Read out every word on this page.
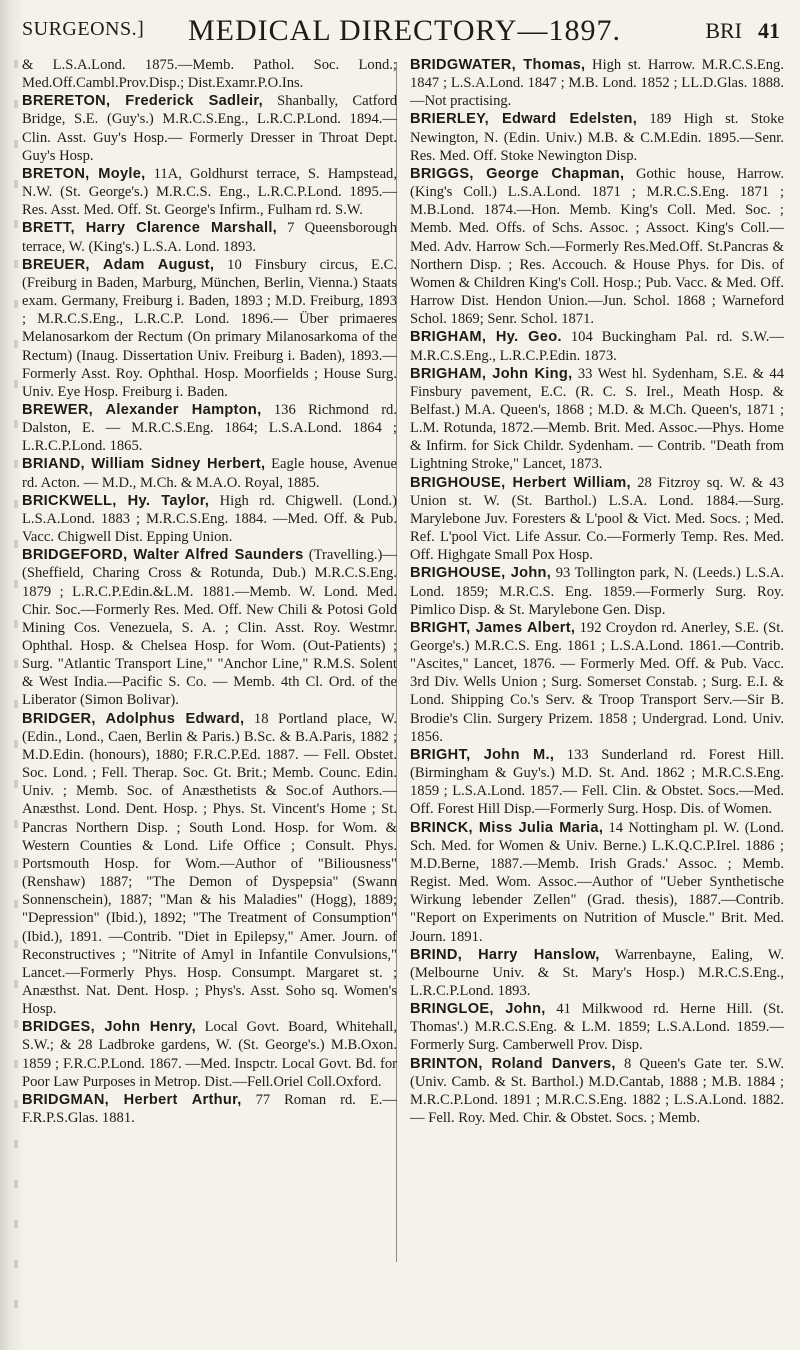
SURGEONS.] MEDICAL DIRECTORY—1897.	BRI 41

& L.S.A.Lond. 1875.—Memb. Pathol. Soc. Lond.; Med.Off.Cambl.Prov.Disp.; Dist.Examr.P.O.Ins.

BRERETON, Frederick Sadleir, Shanbally, Catford Bridge, S.E. (Guy's.) M.R.C.S.Eng., L.R.C.P.Lond. 1894.—Clin. Asst. Guy's Hosp.— Formerly Dresser in Throat Dept. Guy's Hosp.

BRETON, Moyle, 11A, Goldhurst terrace, S. Hampstead, N.W. (St. George's.) M.R.C.S. Eng., L.R.C.P.Lond. 1895.—Res. Asst. Med. Off. St. George's Infirm., Fulham rd. S.W.

BRETT, Harry Clarence Marshall, 7 Queensborough terrace, W. (King's.) L.S.A. Lond. 1893.

BREUER, Adam August, 10 Finsbury circus, E.C. (Freiburg in Baden, Marburg, München, Berlin, Vienna.) Staats exam. Germany, Freiburg i. Baden, 1893 ; M.D. Freiburg, 1893 ; M.R.C.S.Eng., L.R.C.P. Lond. 1896.— Über primaeres Melanosarkom der Rectum (On primary Milanosarkoma of the Rectum) (Inaug. Dissertation Univ. Freiburg i. Baden), 1893.— Formerly Asst. Roy. Ophthal. Hosp. Moorfields ; House Surg. Univ. Eye Hosp. Freiburg i. Baden.

BREWER, Alexander Hampton, 136 Richmond rd. Dalston, E. — M.R.C.S.Eng. 1864; L.S.A.Lond. 1864 ; L.R.C.P.Lond. 1865.

BRIAND, William Sidney Herbert, Eagle house, Avenue rd. Acton. — M.D., M.Ch. & M.A.O. Royal, 1885.

BRICKWELL, Hy. Taylor, High rd. Chigwell. (Lond.) L.S.A.Lond. 1883 ; M.R.C.S.Eng. 1884. —Med. Off. & Pub. Vacc. Chigwell Dist. Epping Union.

BRIDGEFORD, Walter Alfred Saunders (Travelling.)—(Sheffield, Charing Cross & Rotunda, Dub.) M.R.C.S.Eng. 1879 ; L.R.C.P.Edin.&L.M. 1881.—Memb. W. Lond. Med. Chir. Soc.—Formerly Res. Med. Off. New Chili & Potosi Gold Mining Cos. Venezuela, S. A. ; Clin. Asst. Roy. Westmr. Ophthal. Hosp. & Chelsea Hosp. for Wom. (Out-Patients) ; Surg. "Atlantic Transport Line," "Anchor Line," R.M.S. Solent & West India.—Pacific S. Co. — Memb. 4th Cl. Ord. of the Liberator (Simon Bolivar).

BRIDGER, Adolphus Edward, 18 Portland place, W. (Edin., Lond., Caen, Berlin & Paris.) B.Sc. & B.A.Paris, 1882 ; M.D.Edin. (honours), 1880; F.R.C.P.Ed. 1887. — Fell. Obstet. Soc. Lond. ; Fell. Therap. Soc. Gt. Brit.; Memb. Counc. Edin. Univ. ; Memb. Soc. of Anæsthetists & Soc.of Authors.—Anæsthst. Lond. Dent. Hosp. ; Phys. St. Vincent's Home ; St. Pancras Northern Disp. ; South Lond. Hosp. for Wom. & Western Counties & Lond. Life Office ; Consult. Phys. Portsmouth Hosp. for Wom.—Author of "Biliousness" (Renshaw) 1887; "The Demon of Dyspepsia" (Swann Sonnenschein), 1887; "Man & his Maladies" (Hogg), 1889; "Depression" (Ibid.), 1892; "The Treatment of Consumption" (Ibid.), 1891. —Contrib. "Diet in Epilepsy," Amer. Journ. of Reconstructives ; "Nitrite of Amyl in Infantile Convulsions," Lancet.—Formerly Phys. Hosp. Consumpt. Margaret st. ; Anæsthst. Nat. Dent. Hosp. ; Phys's. Asst. Soho sq. Women's Hosp.

BRIDGES, John Henry, Local Govt. Board, Whitehall, S.W.; & 28 Ladbroke gardens, W. (St. George's.) M.B.Oxon. 1859 ; F.R.C.P.Lond. 1867. —Med. Inspctr. Local Govt. Bd. for Poor Law Purposes in Metrop. Dist.—Fell.Oriel Coll.Oxford.

BRIDGMAN, Herbert Arthur, 77 Roman rd. E.—F.R.P.S.Glas. 1881.

BRIDGWATER, Thomas, High st. Harrow. M.R.C.S.Eng. 1847 ; L.S.A.Lond. 1847 ; M.B. Lond. 1852 ; LL.D.Glas. 1888.—Not practising.

BRIERLEY, Edward Edelsten, 189 High st. Stoke Newington, N. (Edin. Univ.) M.B. & C.M.Edin. 1895.—Senr. Res. Med. Off. Stoke Newington Disp.

BRIGGS, George Chapman, Gothic house, Harrow. (King's Coll.) L.S.A.Lond. 1871 ; M.R.C.S.Eng. 1871 ; M.B.Lond. 1874.—Hon. Memb. King's Coll. Med. Soc. ; Memb. Med. Offs. of Schs. Assoc. ; Assoct. King's Coll.—Med. Adv. Harrow Sch.—Formerly Res.Med.Off. St.Pancras & Northern Disp. ; Res. Accouch. & House Phys. for Dis. of Women & Children King's Coll. Hosp.; Pub. Vacc. & Med. Off. Harrow Dist. Hendon Union.—Jun. Schol. 1868 ; Warneford Schol. 1869; Senr. Schol. 1871.

BRIGHAM, Hy. Geo. 104 Buckingham Pal. rd. S.W.—M.R.C.S.Eng., L.R.C.P.Edin. 1873.

BRIGHAM, John King, 33 West hl. Sydenham, S.E. & 44 Finsbury pavement, E.C. (R. C. S. Irel., Meath Hosp. & Belfast.) M.A. Queen's, 1868 ; M.D. & M.Ch. Queen's, 1871 ; L.M. Rotunda, 1872.—Memb. Brit. Med. Assoc.—Phys. Home & Infirm. for Sick Childr. Sydenham. — Contrib. "Death from Lightning Stroke," Lancet, 1873.

BRIGHOUSE, Herbert William, 28 Fitzroy sq. W. & 43 Union st. W. (St. Barthol.) L.S.A. Lond. 1884.—Surg. Marylebone Juv. Foresters & L'pool & Vict. Med. Socs. ; Med. Ref. L'pool Vict. Life Assur. Co.—Formerly Temp. Res. Med. Off. Highgate Small Pox Hosp.

BRIGHOUSE, John, 93 Tollington park, N. (Leeds.) L.S.A. Lond. 1859; M.R.C.S. Eng. 1859.—Formerly Surg. Roy. Pimlico Disp. & St. Marylebone Gen. Disp.

BRIGHT, James Albert, 192 Croydon rd. Anerley, S.E. (St. George's.) M.R.C.S. Eng. 1861 ; L.S.A.Lond. 1861.—Contrib. "Ascites," Lancet, 1876. — Formerly Med. Off. & Pub. Vacc. 3rd Div. Wells Union ; Surg. Somerset Constab. ; Surg. E.I. & Lond. Shipping Co.'s Serv. & Troop Transport Serv.—Sir B. Brodie's Clin. Surgery Prizem. 1858 ; Undergrad. Lond. Univ. 1856.

BRIGHT, John M., 133 Sunderland rd. Forest Hill. (Birmingham & Guy's.) M.D. St. And. 1862 ; M.R.C.S.Eng. 1859 ; L.S.A.Lond. 1857.— Fell. Clin. & Obstet. Socs.—Med. Off. Forest Hill Disp.—Formerly Surg. Hosp. Dis. of Women.

BRINCK, Miss Julia Maria, 14 Nottingham pl. W. (Lond. Sch. Med. for Women & Univ. Berne.) L.K.Q.C.P.Irel. 1886 ; M.D.Berne, 1887.—Memb. Irish Grads.' Assoc. ; Memb. Regist. Med. Wom. Assoc.—Author of "Ueber Synthetische Wirkung lebender Zellen" (Grad. thesis), 1887.—Contrib. "Report on Experiments on Nutrition of Muscle." Brit. Med. Journ. 1891.

BRIND, Harry Hanslow, Warrenbayne, Ealing, W. (Melbourne Univ. & St. Mary's Hosp.) M.R.C.S.Eng., L.R.C.P.Lond. 1893.

BRINGLOE, John, 41 Milkwood rd. Herne Hill. (St. Thomas'.) M.R.C.S.Eng. & L.M. 1859; L.S.A.Lond. 1859.—Formerly Surg. Camberwell Prov. Disp.

BRINTON, Roland Danvers, 8 Queen's Gate ter. S.W. (Univ. Camb. & St. Barthol.) M.D.Cantab, 1888 ; M.B. 1884 ; M.R.C.P.Lond. 1891 ; M.R.C.S.Eng. 1882 ; L.S.A.Lond. 1882.— Fell. Roy. Med. Chir. & Obstet. Socs. ; Memb.
